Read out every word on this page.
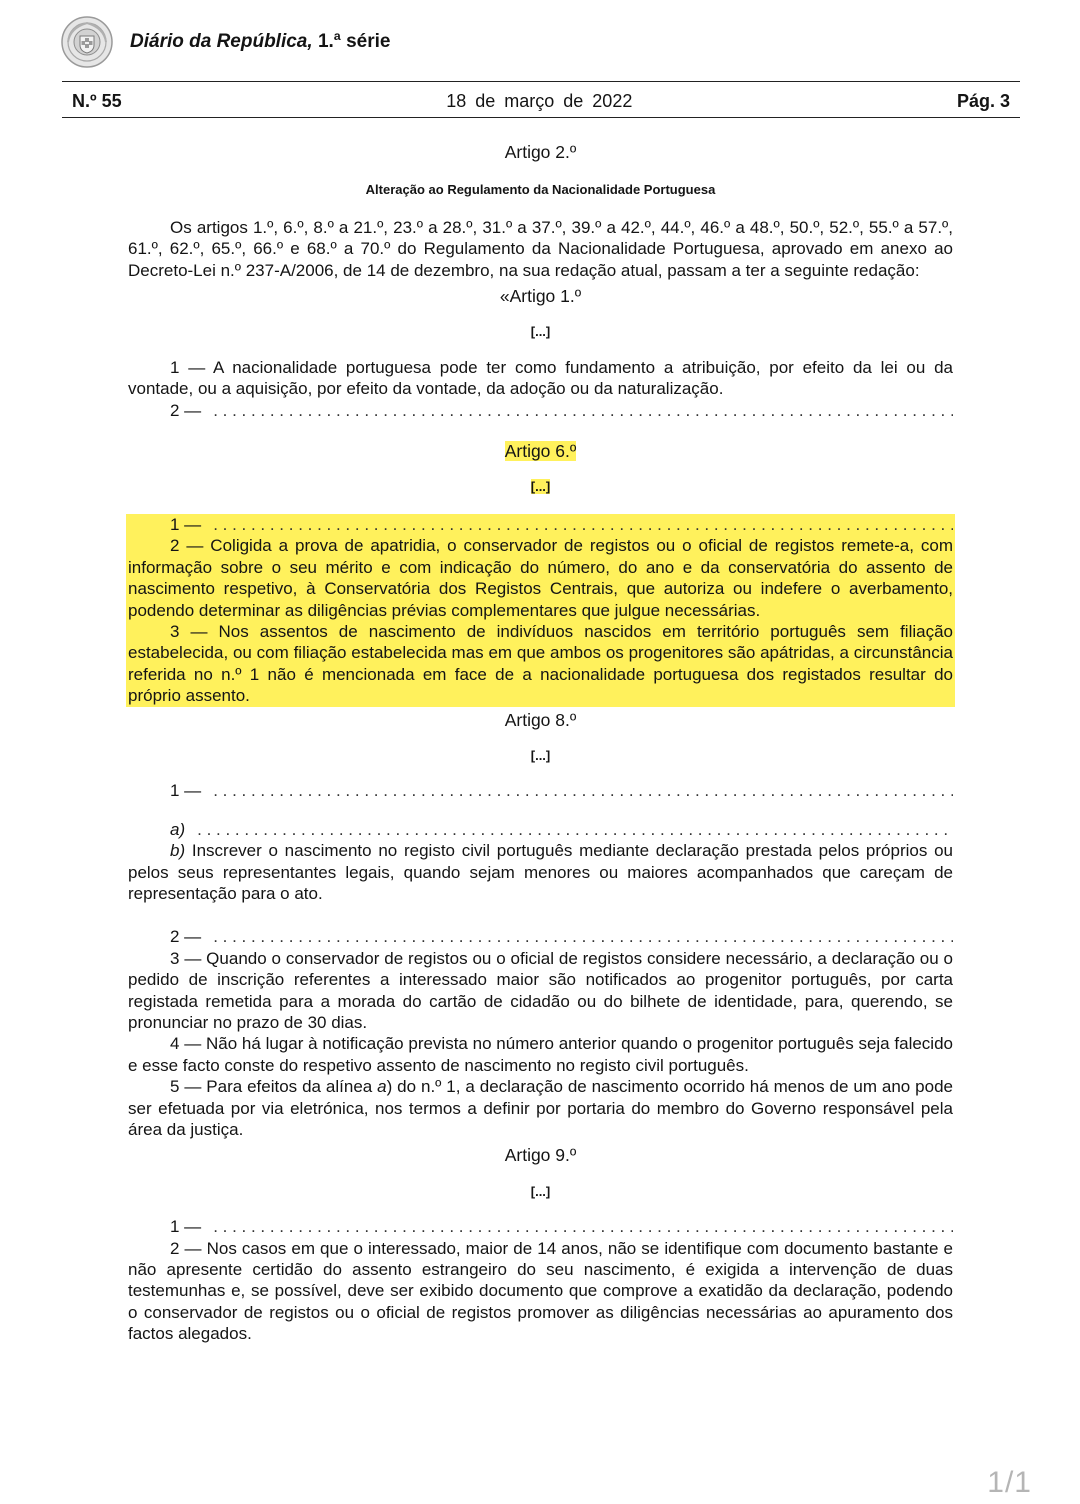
Diário da República, 1.ª série
N.º 55	18 de março de 2022	Pág. 3

Artigo 2.º

Alteração ao Regulamento da Nacionalidade Portuguesa

Os artigos 1.º, 6.º, 8.º a 21.º, 23.º a 28.º, 31.º a 37.º, 39.º a 42.º, 44.º, 46.º a 48.º, 50.º, 52.º, 55.º a 57.º, 61.º, 62.º, 65.º, 66.º e 68.º a 70.º do Regulamento da Nacionalidade Portuguesa, aprovado em anexo ao Decreto-Lei n.º 237-A/2006, de 14 de dezembro, na sua redação atual, passam a ter a seguinte redação:

«Artigo 1.º

[...]

1 — A nacionalidade portuguesa pode ter como fundamento a atribuição, por efeito da lei ou da vontade, ou a aquisição, por efeito da vontade, da adoção ou da naturalização.

2 —
. . .

Artigo 6.º

[...]

1 —
. . .

2 — Coligida a prova de apatridia, o conservador de registos ou o oficial de registos remete-a, com informação sobre o seu mérito e com indicação do número, do ano e da conservatória do assento de nascimento respetivo, à Conservatória dos Registos Centrais, que autoriza ou indefere o averbamento, podendo determinar as diligências prévias complementares que julgue necessárias.

3 — Nos assentos de nascimento de indivíduos nascidos em território português sem filiação estabelecida, ou com filiação estabelecida mas em que ambos os progenitores são apátridas, a circunstância referida no n.º 1 não é mencionada em face de a nacionalidade portuguesa dos registados resultar do próprio assento.

Artigo 8.º

[...]

1 —
. . .
a)
. . .

b) Inscrever o nascimento no registo civil português mediante declaração prestada pelos próprios ou pelos seus representantes legais, quando sejam menores ou maiores acompanhados que careçam de representação para o ato.

2 —
. . .

3 — Quando o conservador de registos ou o oficial de registos considere necessário, a declaração ou o pedido de inscrição referentes a interessado maior são notificados ao progenitor português, por carta registada remetida para a morada do cartão de cidadão ou do bilhete de identidade, para, querendo, se pronunciar no prazo de 30 dias.

4 — Não há lugar à notificação prevista no número anterior quando o progenitor português seja falecido e esse facto conste do respetivo assento de nascimento no registo civil português.

5 — Para efeitos da alínea a) do n.º 1, a declaração de nascimento ocorrido há menos de um ano pode ser efetuada por via eletrónica, nos termos a definir por portaria do membro do Governo responsável pela área da justiça.

Artigo 9.º

[...]

1 —
. . .

2 — Nos casos em que o interessado, maior de 14 anos, não se identifique com documento bastante e não apresente certidão do assento estrangeiro do seu nascimento, é exigida a intervenção de duas testemunhas e, se possível, deve ser exibido documento que comprove a exatidão da declaração, podendo o conservador de registos ou o oficial de registos promover as diligências necessárias ao apuramento dos factos alegados.

1/1
